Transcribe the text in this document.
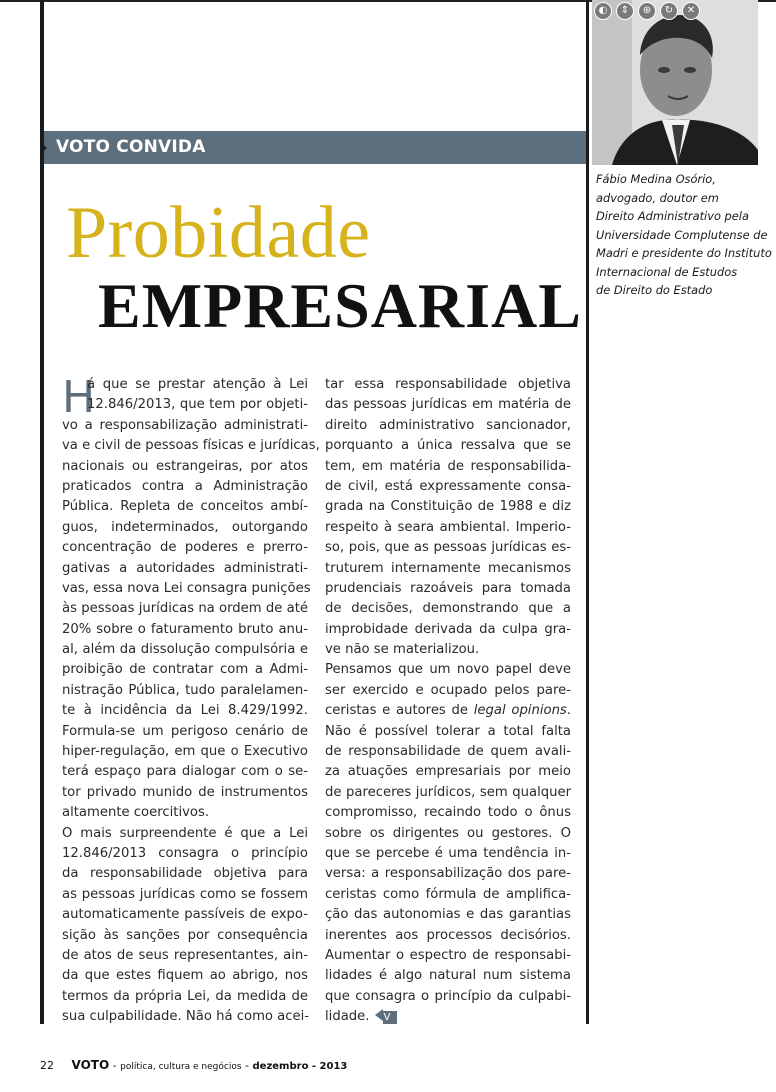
VOTO CONVIDA
Probidade
EMPRESARIAL
◐	⇕	⊕	↻	✕
Fábio Medina Osório,
advogado, doutor em
Direito Administrativo pela
Universidade Complutense de
Madri e presidente do Instituto
Internacional de Estudos
de Direito do Estado
H
á que se prestar atenção à Lei
12.846/2013, que tem por objeti-
vo a responsabilização administrati-
va e civil de pessoas físicas e jurídicas,
nacionais ou estrangeiras, por atos
praticados contra a Administração
Pública. Repleta de conceitos ambí-
guos, indeterminados, outorgando
concentração de poderes e prerro-
gativas a autoridades administrati-
vas, essa nova Lei consagra punições
às pessoas jurídicas na ordem de até
20% sobre o faturamento bruto anu-
al, além da dissolução compulsória e
proibição de contratar com a Admi-
nistração Pública, tudo paralelamen-
te à incidência da Lei 8.429/1992.
Formula-se um perigoso cenário de
hiper-regulação, em que o Executivo
terá espaço para dialogar com o se-
tor privado munido de instrumentos
altamente coercitivos.
O mais surpreendente é que a Lei
12.846/2013 consagra o princípio
da responsabilidade objetiva para
as pessoas jurídicas como se fossem
automaticamente passíveis de expo-
sição às sanções por consequência
de atos de seus representantes, ain-
da que estes fiquem ao abrigo, nos
termos da própria Lei, da medida de
sua culpabilidade. Não há como acei-
tar essa responsabilidade objetiva
das pessoas jurídicas em matéria de
direito administrativo sancionador,
porquanto a única ressalva que se
tem, em matéria de responsabilida-
de civil, está expressamente consa-
grada na Constituição de 1988 e diz
respeito à seara ambiental. Imperio-
so, pois, que as pessoas jurídicas es-
truturem internamente mecanismos
prudenciais razoáveis para tomada
de decisões, demonstrando que a
improbidade derivada da culpa gra-
ve não se materializou.
Pensamos que um novo papel deve
ser exercido e ocupado pelos pare-
ceristas e autores de legal opinions.
Não é possível tolerar a total falta
de responsabilidade de quem avali-
za atuações empresariais por meio
de pareceres jurídicos, sem qualquer
compromisso, recaindo todo o ônus
sobre os dirigentes ou gestores. O
que se percebe é uma tendência in-
versa: a responsabilização dos pare-
ceristas como fórmula de amplifica-
ção das autonomias e das garantias
inerentes aos processos decisórios.
Aumentar o espectro de responsabi-
lidades é algo natural num sistema
que consagra o princípio da culpabi-
lidade. V
22 VOTO - política, cultura e negócios - dezembro - 2013
